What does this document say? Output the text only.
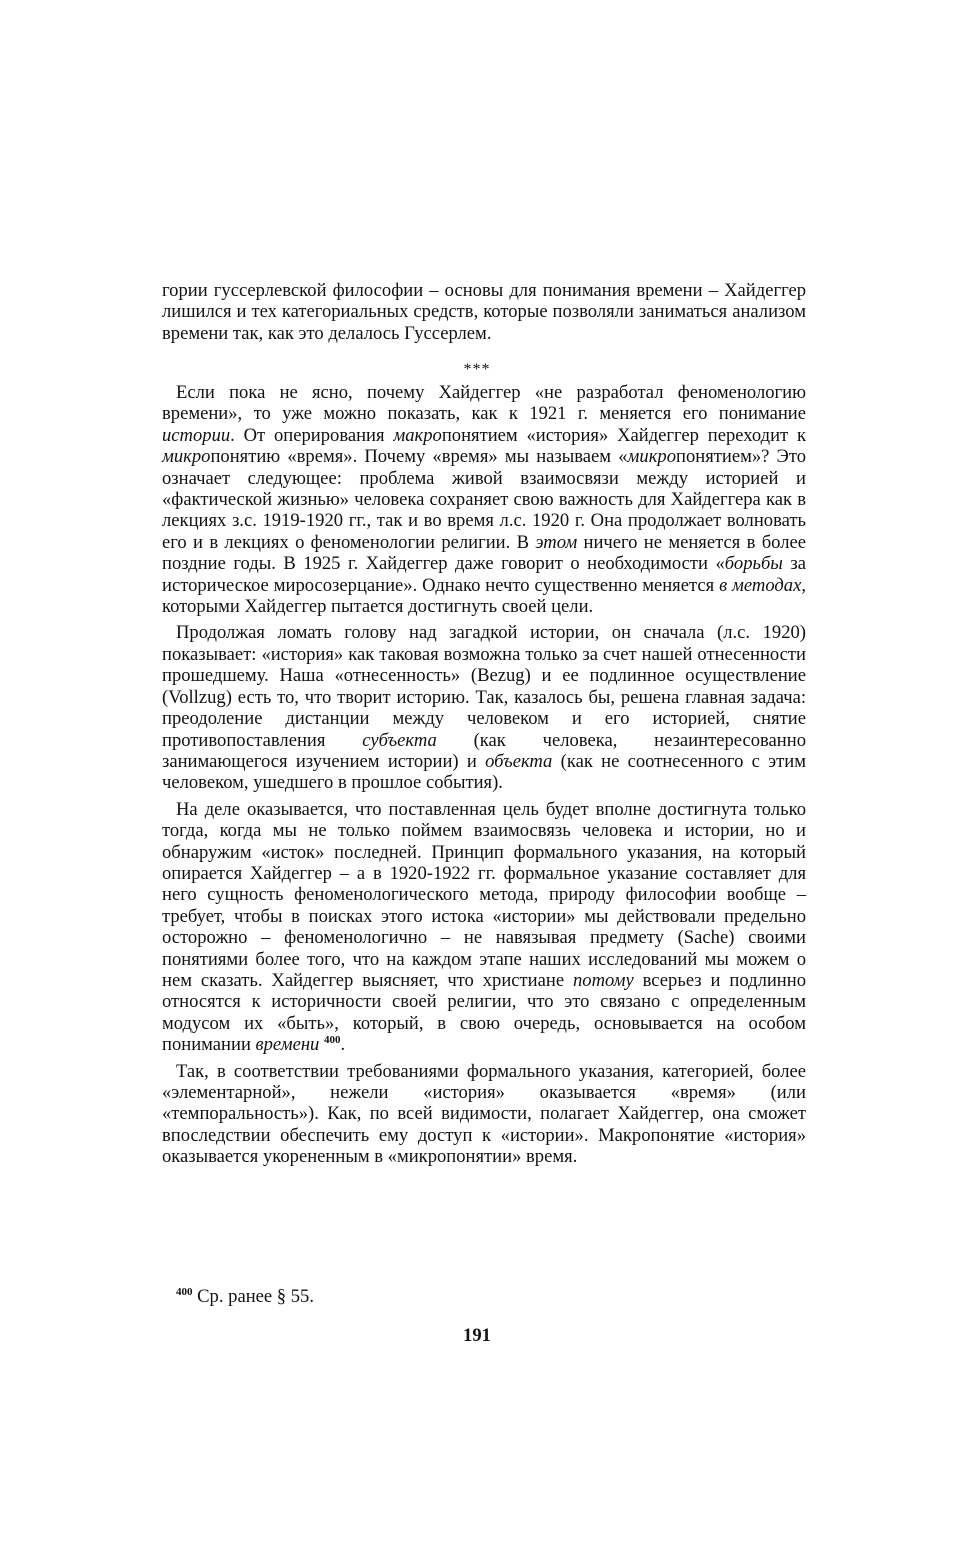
гории гуссерлевской философии – основы для понимания времени – Хайдеггер лишился и тех категориальных средств, которые позволяли заниматься анализом времени так, как это делалось Гуссерлем.

***

Если пока не ясно, почему Хайдеггер «не разработал феноменологию времени», то уже можно показать, как к 1921 г. меняется его понимание истории. От оперирования макропонятием «история» Хайдеггер переходит к микропонятию «время». Почему «время» мы называем «микропонятием»? Это означает следующее: проблема живой взаимосвязи между историей и «фактической жизнью» человека сохраняет свою важность для Хайдеггера как в лекциях з.с. 1919-1920 гг., так и во время л.с. 1920 г. Она продолжает волновать его и в лекциях о феноменологии религии. В этом ничего не меняется в более поздние годы. В 1925 г. Хайдеггер даже говорит о необходимости «борьбы за историческое миросозерцание». Однако нечто существенно меняется в методах, которыми Хайдеггер пытается достигнуть своей цели.

Продолжая ломать голову над загадкой истории, он сначала (л.с. 1920) показывает: «история» как таковая возможна только за счет нашей отнесенности прошедшему. Наша «отнесенность» (Bezug) и ее подлинное осуществление (Vollzug) есть то, что творит историю. Так, казалось бы, решена главная задача: преодоление дистанции между человеком и его историей, снятие противопоставления субъекта (как человека, незаинтересованно занимающегося изучением истории) и объекта (как не соотнесенного с этим человеком, ушедшего в прошлое события).

На деле оказывается, что поставленная цель будет вполне достигнута только тогда, когда мы не только поймем взаимосвязь человека и истории, но и обнаружим «исток» последней. Принцип формального указания, на который опирается Хайдеггер – а в 1920-1922 гг. формальное указание составляет для него сущность феноменологического метода, природу философии вообще – требует, чтобы в поисках этого истока «истории» мы действовали предельно осторожно – феноменологично – не навязывая предмету (Sache) своими понятиями более того, что на каждом этапе наших исследований мы можем о нем сказать. Хайдеггер выясняет, что христиане потому всерьез и подлинно относятся к историчности своей религии, что это связано с определенным модусом их «быть», который, в свою очередь, основывается на особом понимании времени $^{400}$.

Так, в соответствии требованиями формального указания, категорией, более «элементарной», нежели «история» оказывается «время» (или «темпоральность»). Как, по всей видимости, полагает Хайдеггер, она сможет впоследствии обеспечить ему доступ к «истории». Макропонятие «история» оказывается укорененным в «микропонятии» время.

$^{400}$ Ср. ранее § 55.
191
